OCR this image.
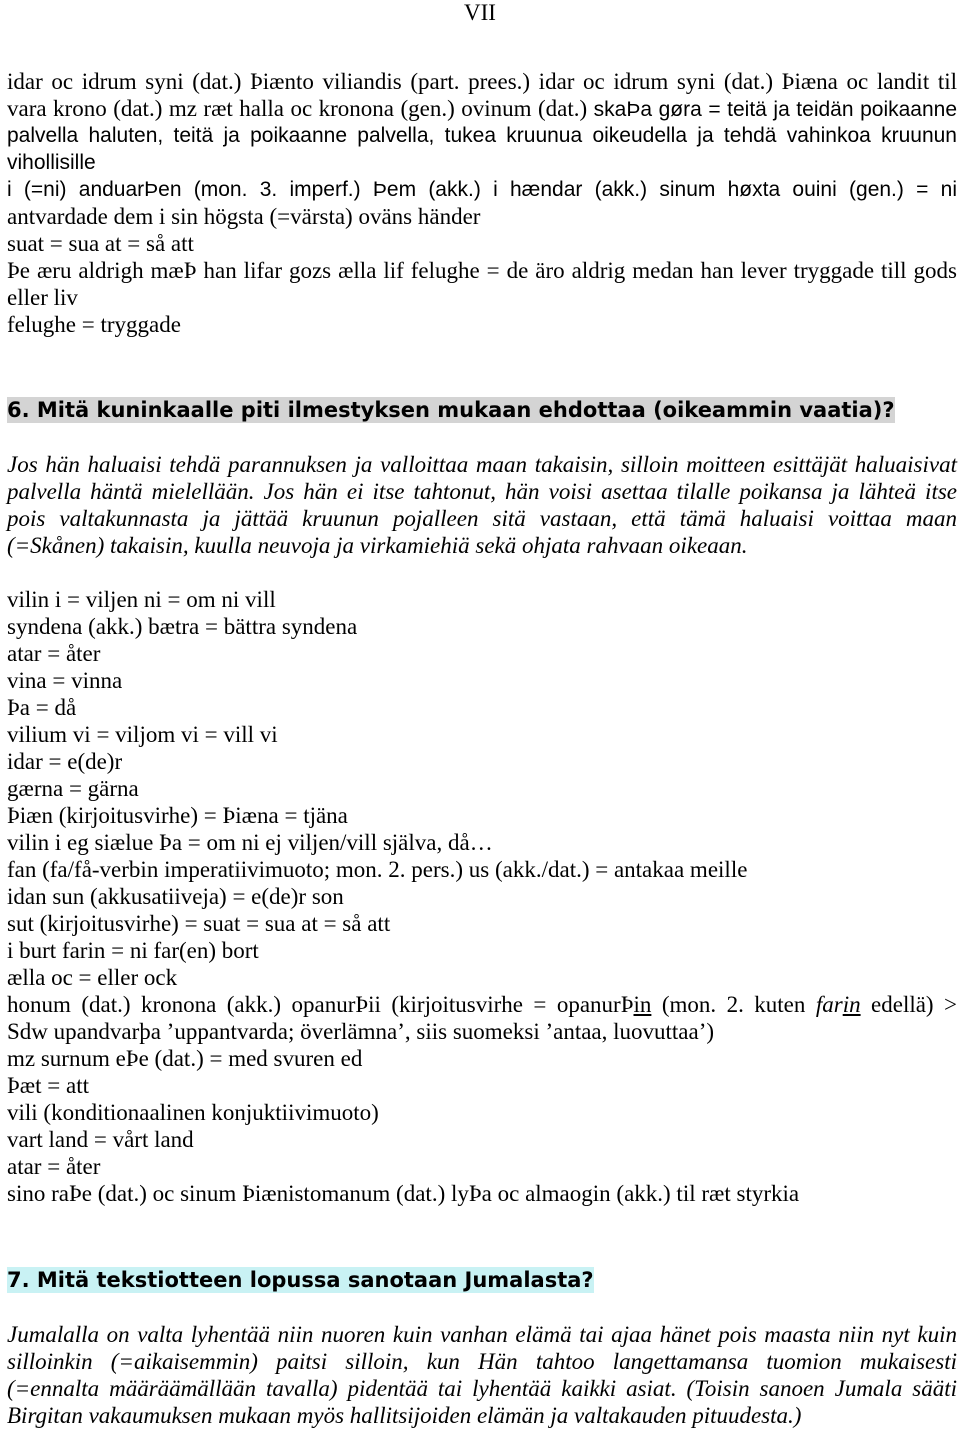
VII
idar oc idrum syni (dat.) Þiænto viliandis (part. prees.) idar oc idrum syni (dat.) Þiæna oc landit til
vara krono (dat.) mz ræt halla oc kronona (gen.) ovinum (dat.) skaÞa gøra = teitä ja teidän poikaanne
palvella haluten, teitä ja poikaanne palvella, tukea kruunua oikeudella ja tehdä vahinkoa kruunun
vihollisille
i (=ni) anduarÞen (mon. 3. imperf.) Þem (akk.) i hændar (akk.) sinum høxta ouini (gen.) = ni
antvardade dem i sin högsta (=värsta) oväns händer
suat = sua at = så att
Þe æru aldrigh mæÞ han lifar gozs ælla lif felughe = de äro aldrig medan han lever tryggade till gods
eller liv
felughe = tryggade
6. Mitä kuninkaalle piti ilmestyksen mukaan ehdottaa (oikeammin vaatia)?
Jos hän haluaisi tehdä parannuksen ja valloittaa maan takaisin, silloin moitteen esittäjät haluaisivat
palvella häntä mielellään. Jos hän ei itse tahtonut, hän voisi asettaa tilalle poikansa ja lähteä itse
pois valtakunnasta ja jättää kruunun pojalleen sitä vastaan, että tämä haluaisi voittaa maan
(=Skånen) takaisin, kuulla neuvoja ja virkamiehiä sekä ohjata rahvaan oikeaan.
vilin i = viljen ni = om ni vill
syndena (akk.) bætra = bättra syndena
atar = åter
vina = vinna
Þa = då
vilium vi = viljom vi = vill vi
idar = e(de)r
gærna = gärna
Þiæn (kirjoitusvirhe) = Þiæna = tjäna
vilin i eg siælue Þa = om ni ej viljen/vill själva, då…
fan (fa/få-verbin imperatiivimuoto; mon. 2. pers.) us (akk./dat.) = antakaa meille
idan sun (akkusatiiveja) = e(de)r son
sut (kirjoitusvirhe) = suat = sua at = så att
i burt farin = ni far(en) bort
ælla oc = eller ock
honum (dat.) kronona (akk.) opanurÞii (kirjoitusvirhe = opanurÞin (mon. 2. kuten farin edellä) >
Sdw upandvarþa ’uppantvarda; överlämna’, siis suomeksi ’antaa, luovuttaa’)
mz surnum eÞe (dat.) = med svuren ed
Þæt = att
vili (konditionaalinen konjuktiivimuoto)
vart land = vårt land
atar = åter
sino raÞe (dat.) oc sinum Þiænistomanum (dat.) lyÞa oc almaogin (akk.) til ræt styrkia
7. Mitä tekstiotteen lopussa sanotaan Jumalasta?
Jumalalla on valta lyhentää niin nuoren kuin vanhan elämä tai ajaa hänet pois maasta niin nyt kuin
silloinkin (=aikaisemmin) paitsi silloin, kun Hän tahtoo langettamansa tuomion mukaisesti
(=ennalta määräämällään tavalla) pidentää tai lyhentää kaikki asiat. (Toisin sanoen Jumala sääti
Birgitan vakaumuksen mukaan myös hallitsijoiden elämän ja valtakauden pituudesta.)
